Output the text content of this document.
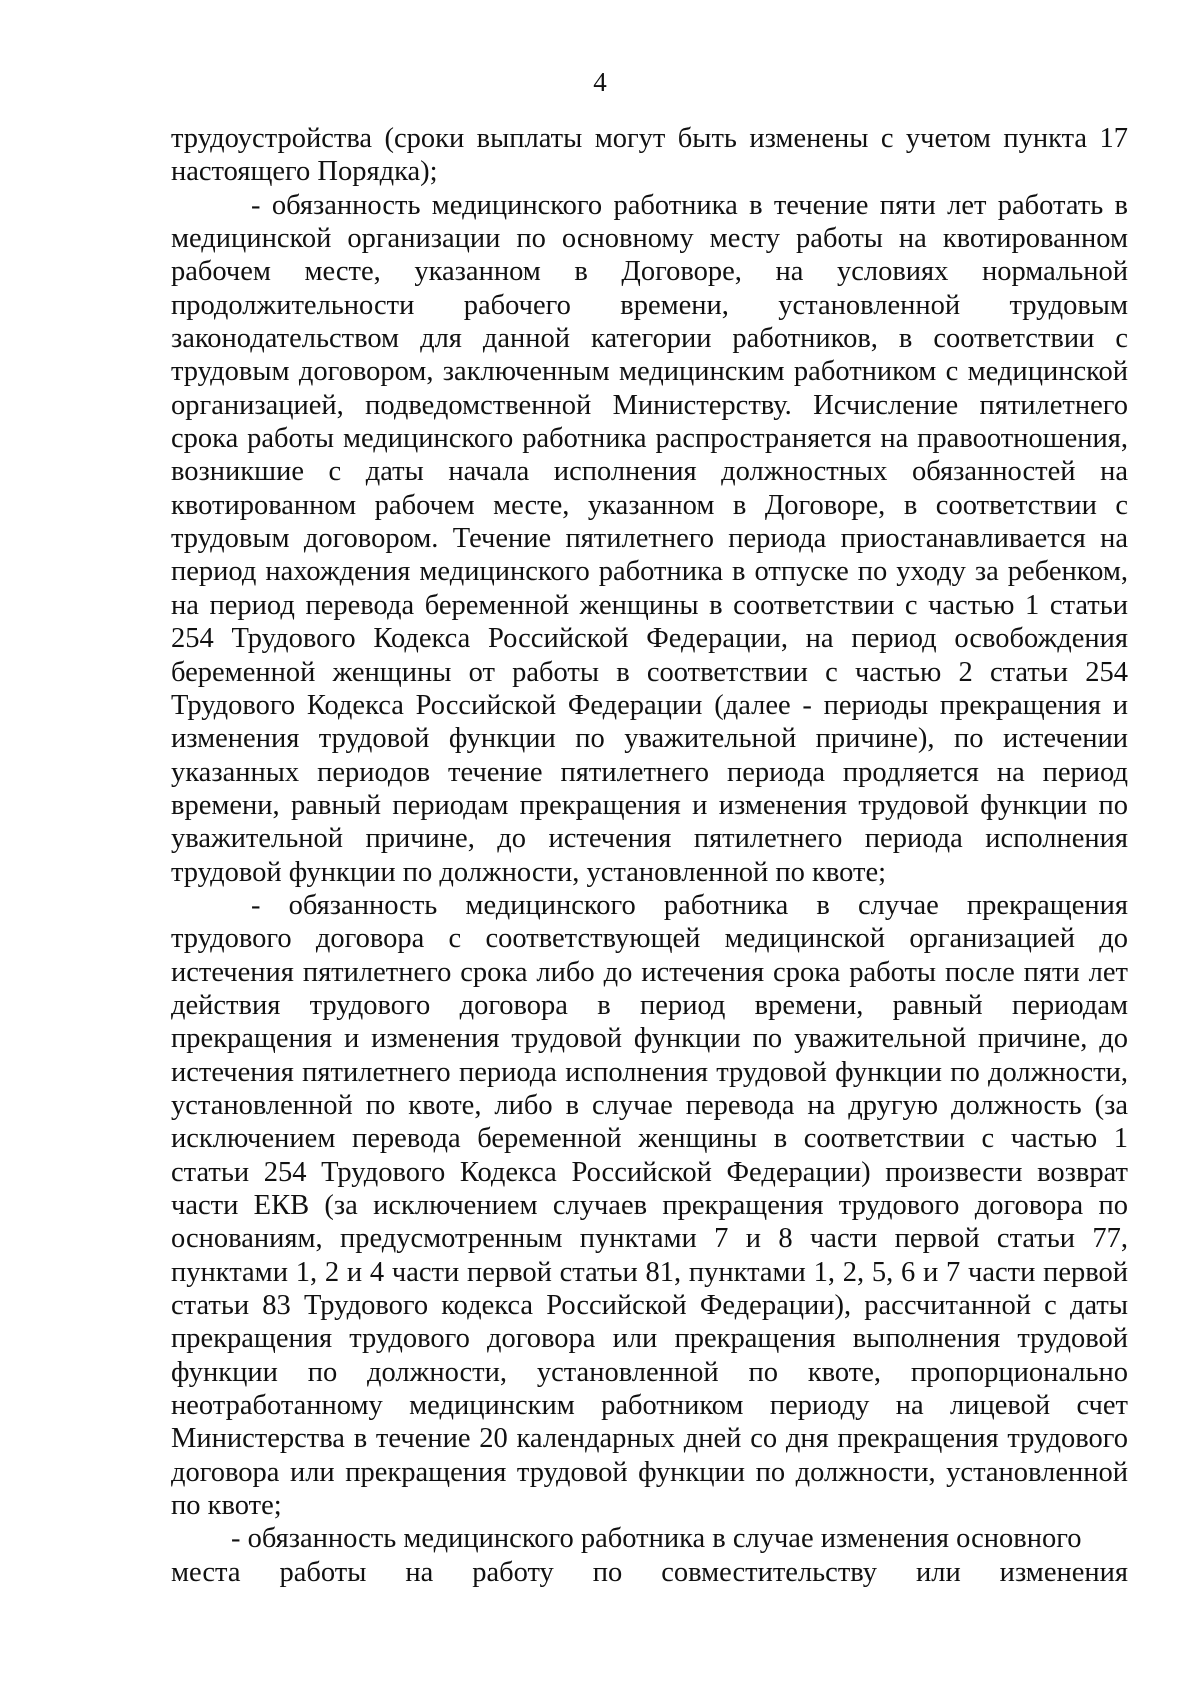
4

трудоустройства (сроки выплаты могут быть изменены с учетом пункта 17 настоящего Порядка);

- обязанность медицинского работника в течение пяти лет работать в медицинской организации по основному месту работы на квотированном рабочем месте, указанном в Договоре, на условиях нормальной продолжительности рабочего времени, установленной трудовым законодательством для данной категории работников, в соответствии с трудовым договором, заключенным медицинским работником с медицинской организацией, подведомственной Министерству. Исчисление пятилетнего срока работы медицинского работника распространяется на правоотношения, возникшие с даты начала исполнения должностных обязанностей на квотированном рабочем месте, указанном в Договоре, в соответствии с трудовым договором. Течение пятилетнего периода приостанавливается на период нахождения медицинского работника в отпуске по уходу за ребенком, на период перевода беременной женщины в соответствии с частью 1 статьи 254 Трудового Кодекса Российской Федерации, на период освобождения беременной женщины от работы в соответствии с частью 2 статьи 254 Трудового Кодекса Российской Федерации (далее - периоды прекращения и изменения трудовой функции по уважительной причине), по истечении указанных периодов течение пятилетнего периода продляется на период времени, равный периодам прекращения и изменения трудовой функции по уважительной причине, до истечения пятилетнего периода исполнения трудовой функции по должности, установленной по квоте;

- обязанность медицинского работника в случае прекращения трудового договора с соответствующей медицинской организацией до истечения пятилетнего срока либо до истечения срока работы после пяти лет действия трудового договора в период времени, равный периодам прекращения и изменения трудовой функции по уважительной причине, до истечения пятилетнего периода исполнения трудовой функции по должности, установленной по квоте, либо в случае перевода на другую должность (за исключением перевода беременной женщины в соответствии с частью 1 статьи 254 Трудового Кодекса Российской Федерации) произвести возврат части ЕКВ (за исключением случаев прекращения трудового договора по основаниям, предусмотренным пунктами 7 и 8 части первой статьи 77, пунктами 1, 2 и 4 части первой статьи 81, пунктами 1, 2, 5, 6 и 7 части первой статьи 83 Трудового кодекса Российской Федерации), рассчитанной с даты прекращения трудового договора или прекращения выполнения трудовой функции по должности, установленной по квоте, пропорционально неотработанному медицинским работником периоду на лицевой счет Министерства в течение 20 календарных дней со дня прекращения трудового договора или прекращения трудовой функции по должности, установленной по квоте;

- обязанность медицинского работника в случае изменения основного
места работы на работу по совместительству или изменения
